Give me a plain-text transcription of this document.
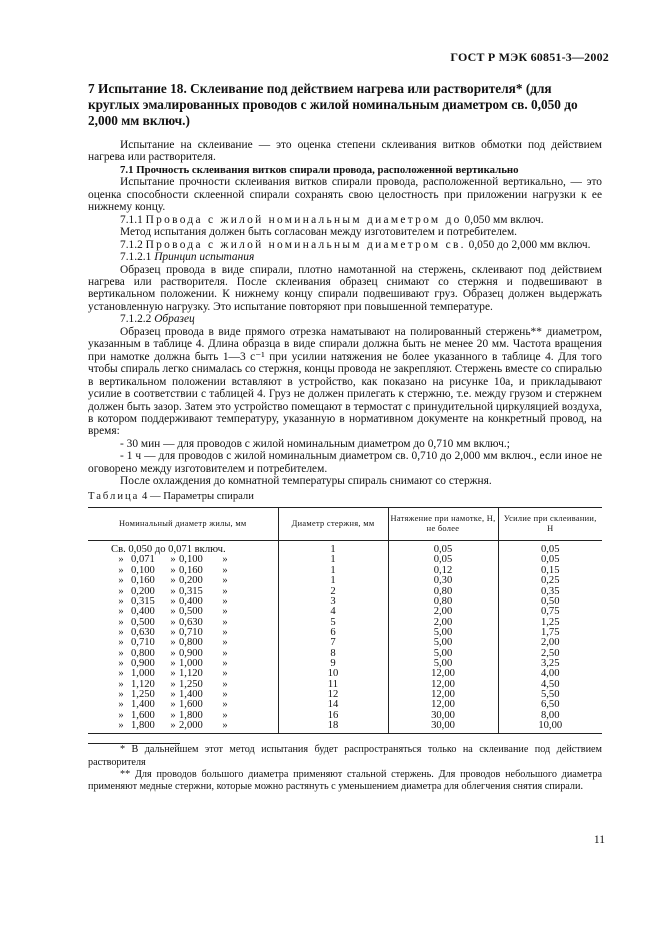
ГОСТ Р МЭК 60851-3—2002
7 Испытание 18. Склеивание под действием нагрева или растворителя* (для круглых эмалированных проводов с жилой номинальным диаметром св. 0,050 до 2,000 мм включ.)

Испытание на склеивание — это оценка степени склеивания витков обмотки под действием нагрева или растворителя.

7.1 Прочность склеивания витков спирали провода, расположенной вертикально

Испытание прочности склеивания витков спирали провода, расположенной вертикально, — это оценка способности склеенной спирали сохранять свою целостность при приложении нагрузки к ее нижнему концу.

7.1.1 Провода с жилой номинальным диаметром до 0,050 мм включ.

Метод испытания должен быть согласован между изготовителем и потребителем.

7.1.2 Провода с жилой номинальным диаметром св. 0,050 до 2,000 мм включ.

7.1.2.1 Принцип испытания

Образец провода в виде спирали, плотно намотанной на стержень, склеивают под действием нагрева или растворителя. После склеивания образец снимают со стержня и подвешивают в вертикальном положении. К нижнему концу спирали подвешивают груз. Образец должен выдержать установленную нагрузку. Это испытание повторяют при повышенной температуре.

7.1.2.2 Образец

Образец провода в виде прямого отрезка наматывают на полированный стержень** диаметром, указанным в таблице 4. Длина образца в виде спирали должна быть не менее 20 мм. Частота вращения при намотке должна быть 1—3 с⁻¹ при усилии натяжения не более указанного в таблице 4. Для того чтобы спираль легко снималась со стержня, концы провода не закрепляют. Стержень вместе со спиралью в вертикальном положении вставляют в устройство, как показано на рисунке 10а, и прикладывают усилие в соответствии с таблицей 4. Груз не должен прилегать к стержню, т.е. между грузом и стержнем должен быть зазор. Затем это устройство помещают в термостат с принудительной циркуляцией воздуха, в котором поддерживают температуру, указанную в нормативном документе на конкретный провод, на время:

- 30 мин — для проводов с жилой номинальным диаметром до 0,710 мм включ.;

- 1 ч — для проводов с жилой номинальным диаметром св. 0,710 до 2,000 мм включ., если иное не оговорено между изготовителем и потребителем.

После охлаждения до комнатной температуры спираль снимают со стержня.

Таблица 4 — Параметры спирали
Номинальный диаметр жилы, мм	Диаметр стержня, мм	Натяжение при намотке, Н, не более	Усилие при склеивании, Н
Св. 0,050 до 0,071 включ.	1	0,05	0,05
» 0,071 » 0,100 »	1	0,05	0,05
» 0,100 » 0,160 »	1	0,12	0,15
» 0,160 » 0,200 »	1	0,30	0,25
» 0,200 » 0,315 »	2	0,80	0,35
» 0,315 » 0,400 »	3	0,80	0,50
» 0,400 » 0,500 »	4	2,00	0,75
» 0,500 » 0,630 »	5	2,00	1,25
» 0,630 » 0,710 »	6	5,00	1,75
» 0,710 » 0,800 »	7	5,00	2,00
» 0,800 » 0,900 »	8	5,00	2,50
» 0,900 » 1,000 »	9	5,00	3,25
» 1,000 » 1,120 »	10	12,00	4,00
» 1,120 » 1,250 »	11	12,00	4,50
» 1,250 » 1,400 »	12	12,00	5,50
» 1,400 » 1,600 »	14	12,00	6,50
» 1,600 » 1,800 »	16	30,00	8,00
» 1,800 » 2,000 »	18	30,00	10,00

* В дальнейшем этот метод испытания будет распространяться только на склеивание под действием растворителя

** Для проводов большого диаметра применяют стальной стержень. Для проводов небольшого диаметра применяют медные стержни, которые можно растянуть с уменьшением диаметра для облегчения снятия спирали.

11
